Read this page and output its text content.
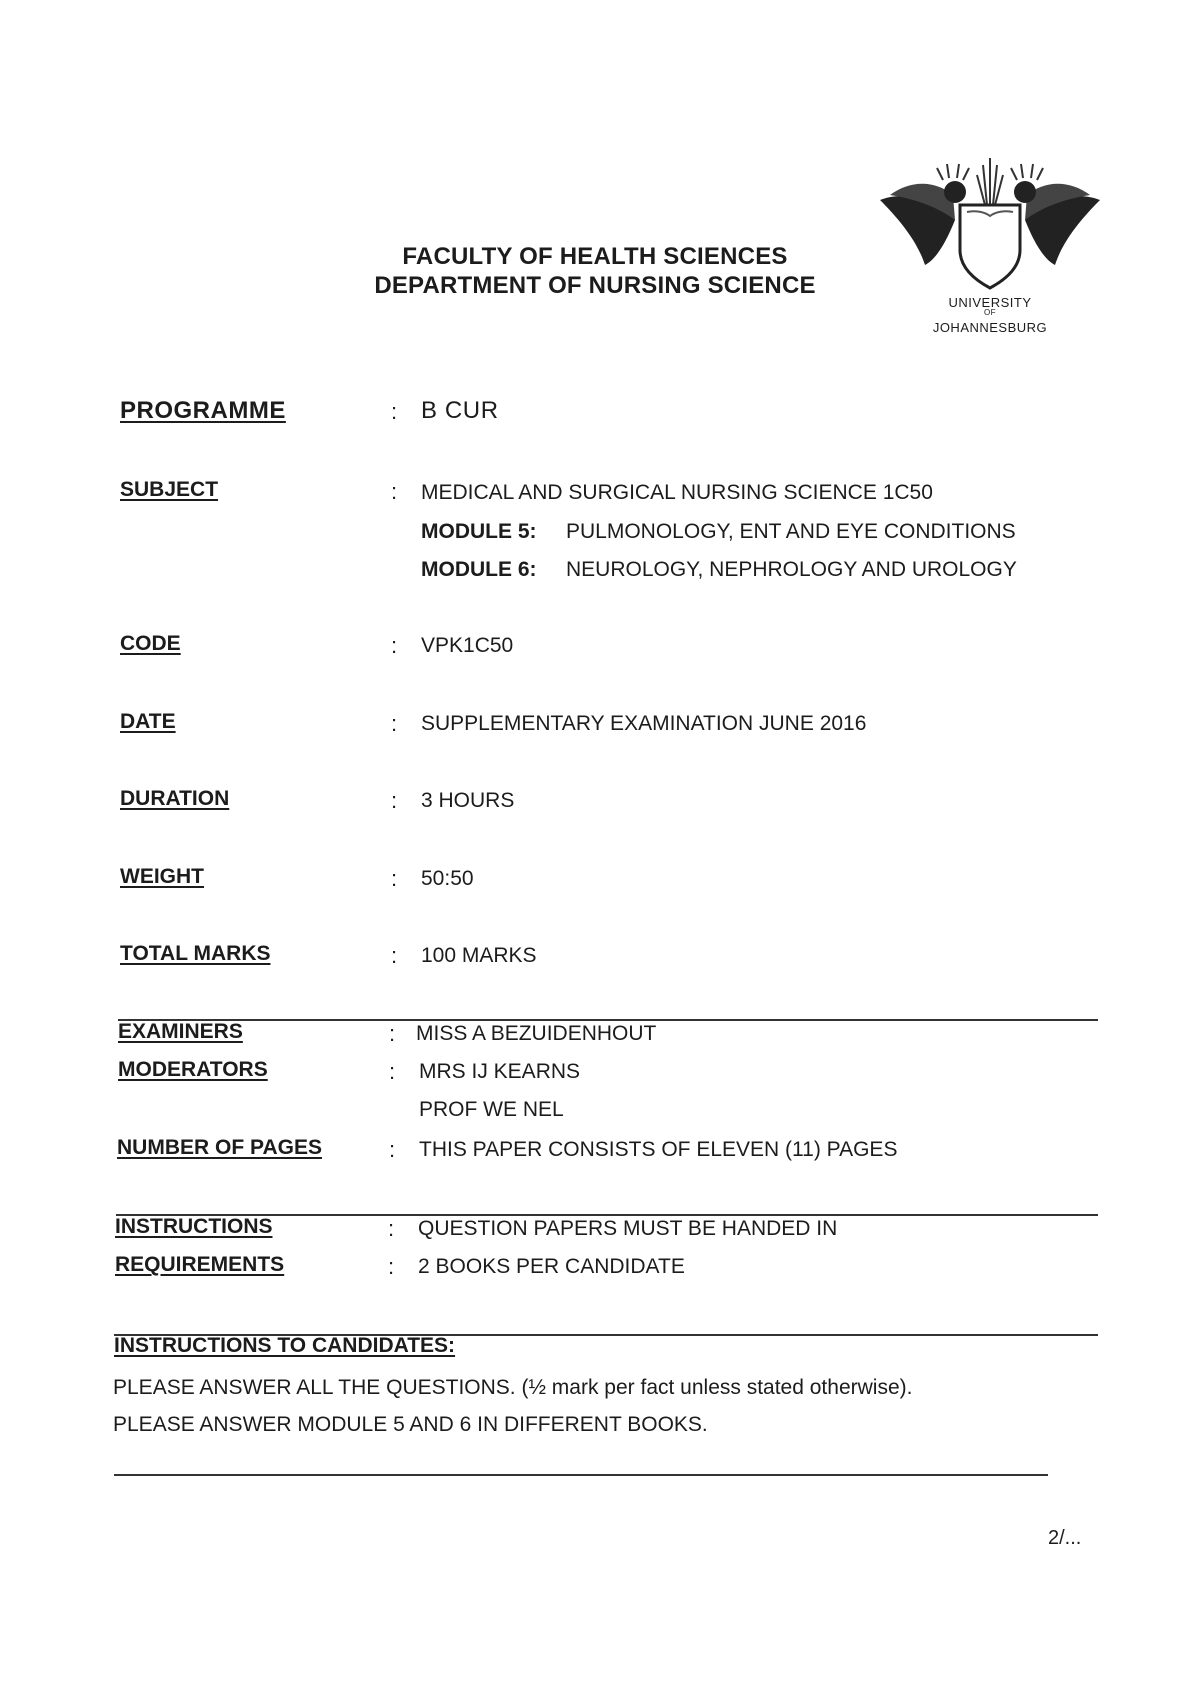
FACULTY OF HEALTH SCIENCES
DEPARTMENT OF NURSING SCIENCE
UNIVERSITY
OF
JOHANNESBURG
PROGRAMME	: B CUR
SUBJECT	: MEDICAL AND SURGICAL NURSING SCIENCE 1C50
MODULE 5: PULMONOLOGY, ENT AND EYE CONDITIONS
MODULE 6: NEUROLOGY, NEPHROLOGY AND UROLOGY
CODE	: VPK1C50
DATE	: SUPPLEMENTARY EXAMINATION JUNE 2016
DURATION	: 3 HOURS
WEIGHT	: 50:50
TOTAL MARKS	: 100 MARKS
EXAMINERS	: MISS A BEZUIDENHOUT
MODERATORS	: MRS IJ KEARNS
PROF WE NEL
NUMBER OF PAGES	: THIS PAPER CONSISTS OF ELEVEN (11) PAGES
INSTRUCTIONS	: QUESTION PAPERS MUST BE HANDED IN
REQUIREMENTS	: 2 BOOKS PER CANDIDATE
INSTRUCTIONS TO CANDIDATES:
PLEASE ANSWER ALL THE QUESTIONS. (½ mark per fact unless stated otherwise).
PLEASE ANSWER MODULE 5 AND 6 IN DIFFERENT BOOKS.
2/...
